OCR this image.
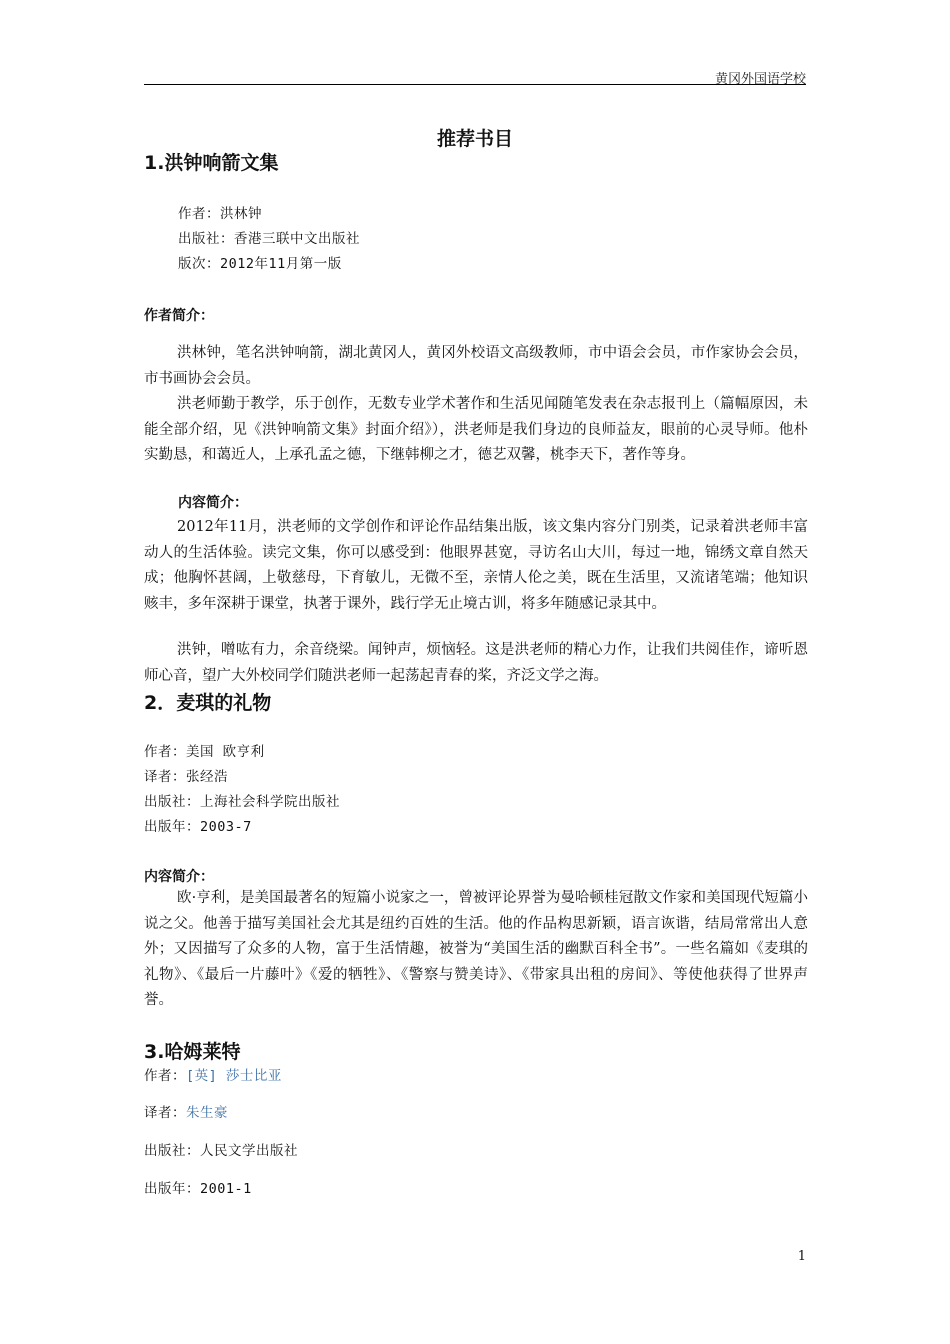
黄冈外国语学校
推荐书目
1.洪钟响箭文集
作者：洪林钟
出版社：香港三联中文出版社
版次：2012年11月第一版
作者简介：

洪林钟，笔名洪钟响箭，湖北黄冈人，黄冈外校语文高级教师，市中语会会员，市作家协会会员，市书画协会会员。

洪老师勤于教学，乐于创作，无数专业学术著作和生活见闻随笔发表在杂志报刊上（篇幅原因，未能全部介绍，见《洪钟响箭文集》封面介绍》），洪老师是我们身边的良师益友，眼前的心灵导师。他朴实勤恳，和蔼近人，上承孔孟之德，下继韩柳之才，德艺双馨，桃李天下，著作等身。

内容简介：

2012年11月，洪老师的文学创作和评论作品结集出版，该文集内容分门别类，记录着洪老师丰富动人的生活体验。读完文集，你可以感受到：他眼界甚宽，寻访名山大川，每过一地，锦绣文章自然天成；他胸怀甚阔，上敬慈母，下育敏儿，无微不至，亲情人伦之美，既在生活里，又流诸笔端；他知识赅丰，多年深耕于课堂，执著于课外，践行学无止境古训，将多年随感记录其中。

洪钟，噌吰有力，余音绕梁。闻钟声，烦恼轻。这是洪老师的精心力作，让我们共阅佳作，谛听恩师心音，望广大外校同学们随洪老师一起荡起青春的桨，齐泛文学之海。

2．麦琪的礼物
作者：美国 欧亨利
译者：张经浩
出版社：上海社会科学院出版社
出版年：2003-7
内容简介：

欧·亨利，是美国最著名的短篇小说家之一，曾被评论界誉为曼哈顿桂冠散文作家和美国现代短篇小说之父。他善于描写美国社会尤其是纽约百姓的生活。他的作品构思新颖，语言诙谐，结局常常出人意外；又因描写了众多的人物，富于生活情趣，被誉为“美国生活的幽默百科全书”。一些名篇如《麦琪的礼物》、《最后一片藤叶》《爱的牺牲》、《警察与赞美诗》、《带家具出租的房间》、等使他获得了世界声誉。

3.哈姆莱特
作者：[英] 莎士比亚
译者：朱生豪
出版社：人民文学出版社
出版年：2001-1
1
